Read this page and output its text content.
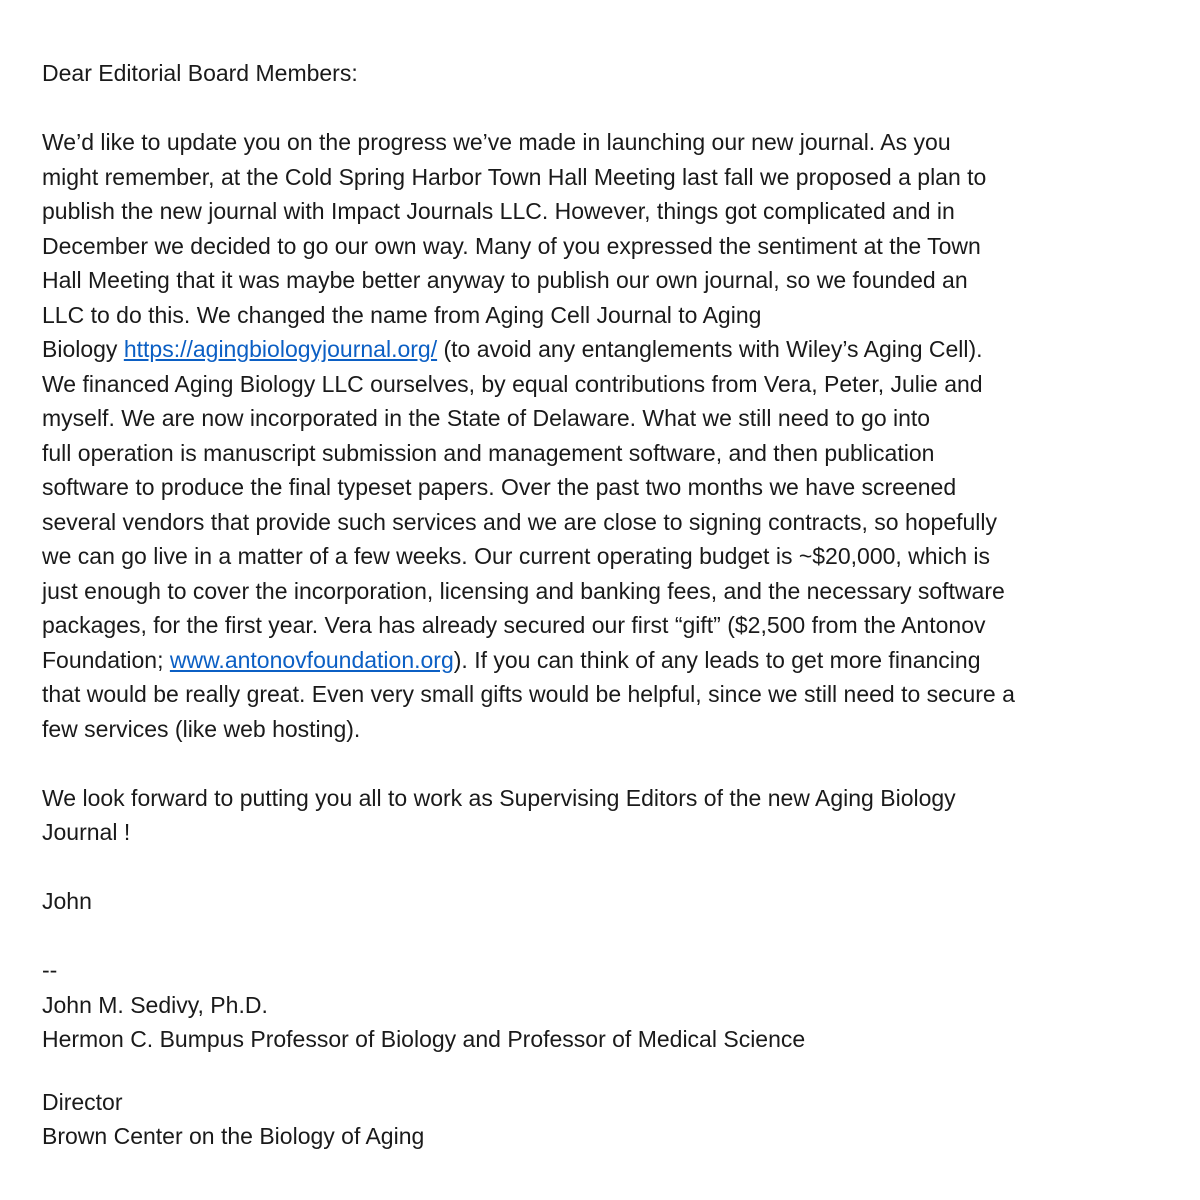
Dear Editorial Board Members:
We’d like to update you on the progress we’ve made in launching our new journal. As you
might remember, at the Cold Spring Harbor Town Hall Meeting last fall we proposed a plan to
publish the new journal with Impact Journals LLC. However, things got complicated and in
December we decided to go our own way. Many of you expressed the sentiment at the Town
Hall Meeting that it was maybe better anyway to publish our own journal, so we founded an
LLC to do this. We changed the name from Aging Cell Journal to Aging
Biology https://agingbiologyjournal.org/ (to avoid any entanglements with Wiley’s Aging Cell).
We financed Aging Biology LLC ourselves, by equal contributions from Vera, Peter, Julie and
myself. We are now incorporated in the State of Delaware. What we still need to go into
full operation is manuscript submission and management software, and then publication
software to produce the final typeset papers. Over the past two months we have screened
several vendors that provide such services and we are close to signing contracts, so hopefully
we can go live in a matter of a few weeks. Our current operating budget is ~$20,000, which is
just enough to cover the incorporation, licensing and banking fees, and the necessary software
packages, for the first year. Vera has already secured our first “gift” ($2,500 from the Antonov
Foundation; www.antonovfoundation.org). If you can think of any leads to get more financing
that would be really great. Even very small gifts would be helpful, since we still need to secure a
few services (like web hosting).
We look forward to putting you all to work as Supervising Editors of the new Aging Biology
Journal !
John
--
John M. Sedivy, Ph.D.
Hermon C. Bumpus Professor of Biology and Professor of Medical Science
Director
Brown Center on the Biology of Aging
